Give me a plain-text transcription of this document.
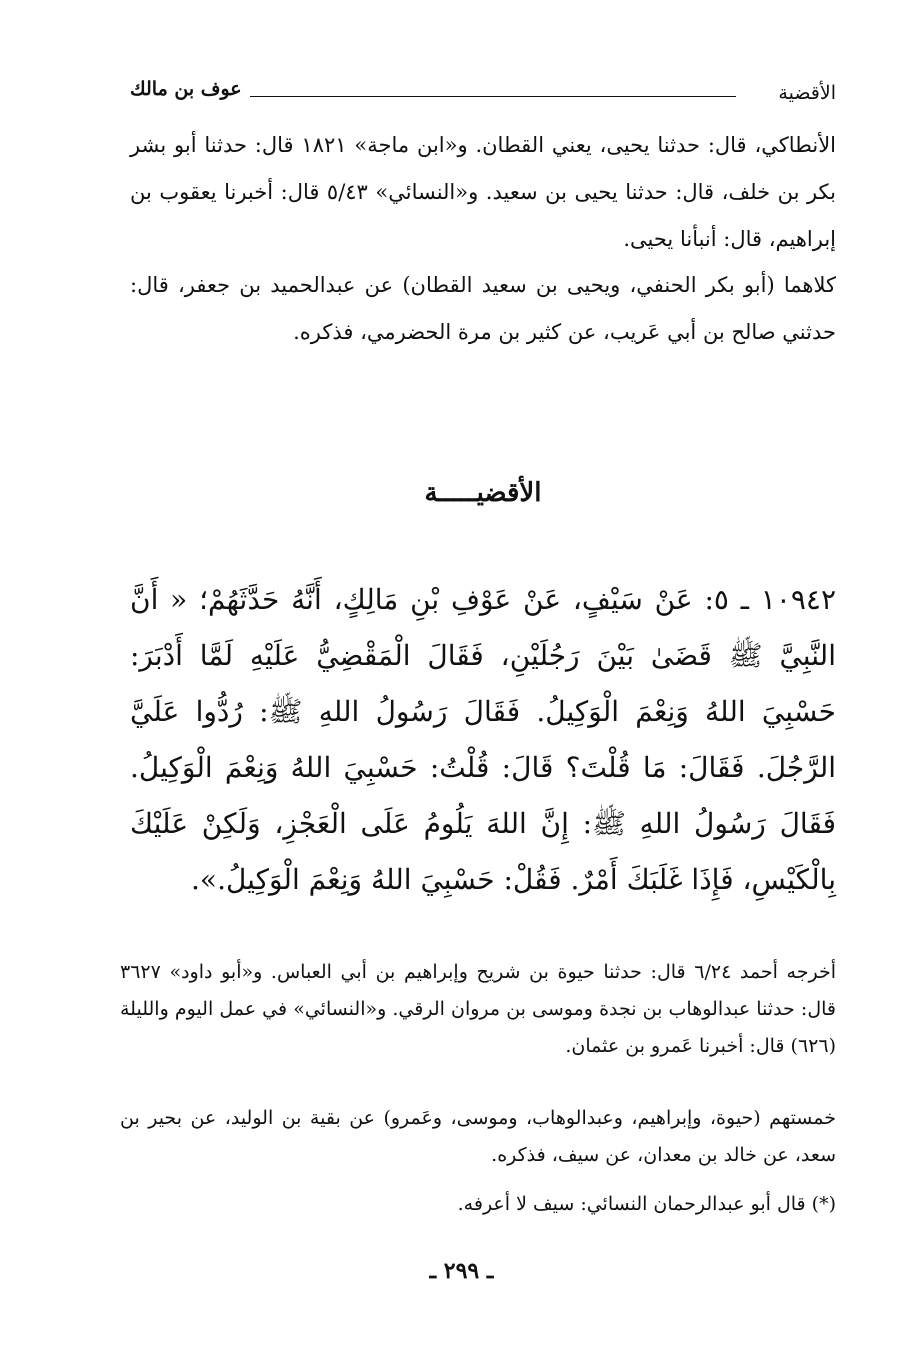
الأقضية
عوف بن مالك

الأنطاكي، قال: حدثنا يحيى، يعني القطان. و«ابن ماجة» ١٨٢١ قال: حدثنا أبو بشر بكر بن خلف، قال: حدثنا يحيى بن سعيد. و«النسائي» ٥/٤٣ قال: أخبرنا يعقوب بن إبراهيم، قال: أنبأنا يحيى.

كلاهما (أبو بكر الحنفي، ويحيى بن سعيد القطان) عن عبدالحميد بن جعفر، قال: حدثني صالح بن أبي عَريب، عن كثير بن مرة الحضرمي، فذكره.

الأقضيـــــة

١٠٩٤٢ ـ ٥: عَنْ سَيْفٍ، عَنْ عَوْفِ بْنِ مَالِكٍ، أَنَّهُ حَدَّثَهُمْ؛ « أَنَّ النَّبِيَّ ﷺ قَضَىٰ بَيْنَ رَجُلَيْنِ، فَقَالَ الْمَقْضِيُّ عَلَيْهِ لَمَّا أَدْبَرَ: حَسْبِيَ اللهُ وَنِعْمَ الْوَكِيلُ. فَقَالَ رَسُولُ اللهِ ﷺ: رُدُّوا عَلَيَّ الرَّجُلَ. فَقَالَ: مَا قُلْتَ؟ قَالَ: قُلْتُ: حَسْبِيَ اللهُ وَنِعْمَ الْوَكِيلُ. فَقَالَ رَسُولُ اللهِ ﷺ: إِنَّ اللهَ يَلُومُ عَلَى الْعَجْزِ، وَلَكِنْ عَلَيْكَ بِالْكَيْسِ، فَإِذَا غَلَبَكَ أَمْرٌ. فَقُلْ: حَسْبِيَ اللهُ وَنِعْمَ الْوَكِيلُ.».

أخرجه أحمد ٦/٢٤ قال: حدثنا حيوة بن شريح وإبراهيم بن أبي العباس. و«أبو داود» ٣٦٢٧ قال: حدثنا عبدالوهاب بن نجدة وموسى بن مروان الرقي. و«النسائي» في عمل اليوم والليلة (٦٢٦) قال: أخبرنا عَمرو بن عثمان.

خمستهم (حيوة، وإبراهيم، وعبدالوهاب، وموسى، وعَمرو) عن بقية بن الوليد، عن بحير بن سعد، عن خالد بن معدان، عن سيف، فذكره.

(*) قال أبو عبدالرحمان النسائي: سيف لا أعرفه.

ـ ٢٩٩ ـ
